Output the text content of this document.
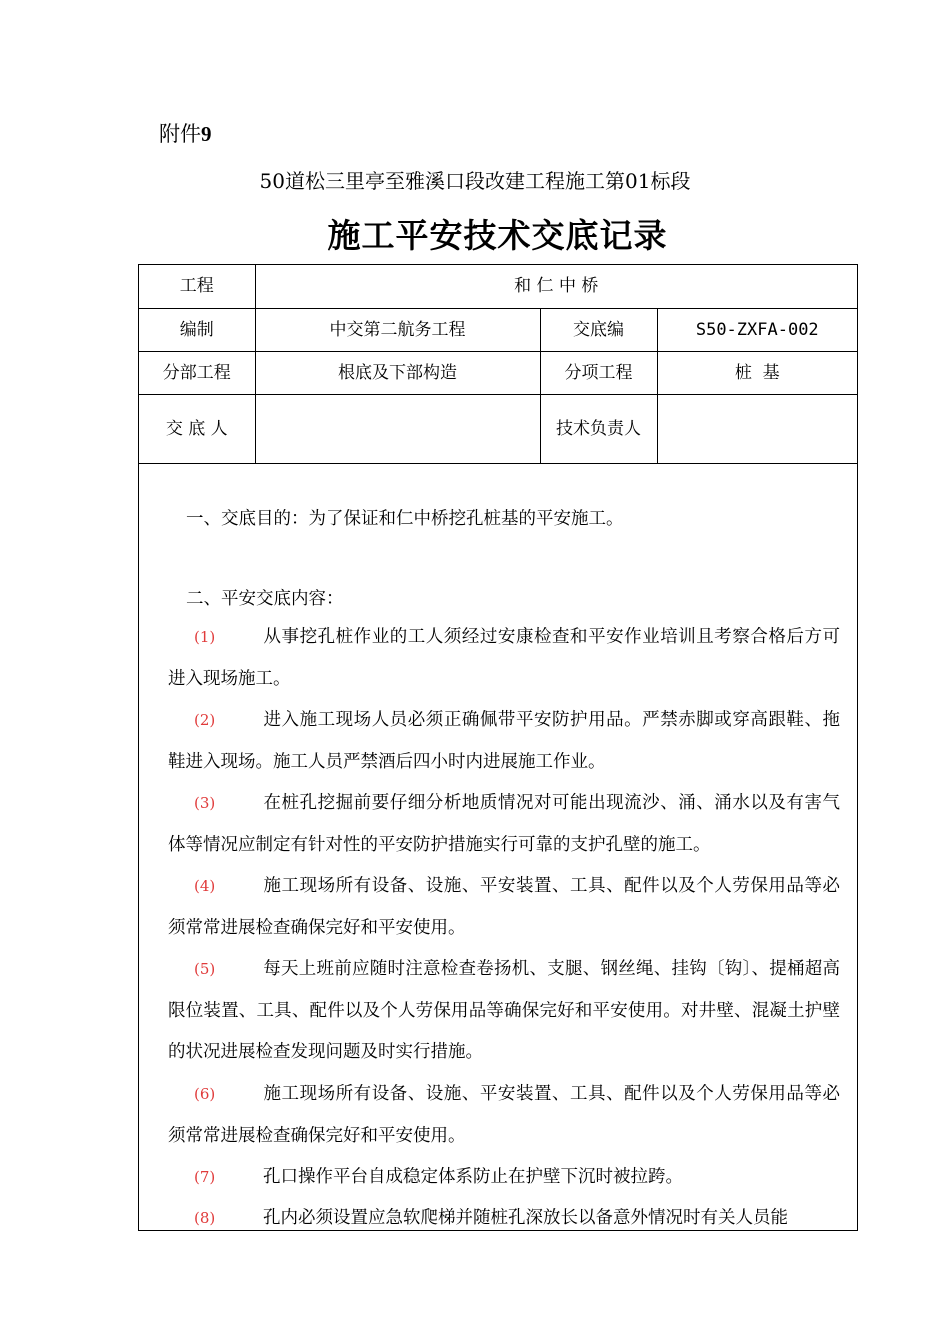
附件9
50道松三里亭至雅溪口段改建工程施工第01标段
施工平安技术交底记录
工程	和 仁 中 桥		
编制	中交第二航务工程	交底编	S50-ZXFA-002
分部工程	根底及下部构造	分项工程	桩  基
交 底 人		技术负责人	
一、交底目的：为了保证和仁中桥挖孔桩基的平安施工。
二、平安交底内容：
(1)	从事挖孔桩作业的工人须经过安康检查和平安作业培训且考察合格后方可进入现场施工。
(2)	进入施工现场人员必须正确佩带平安防护用品。严禁赤脚或穿高跟鞋、拖鞋进入现场。施工人员严禁酒后四小时内进展施工作业。
(3)	在桩孔挖掘前要仔细分析地质情况对可能出现流沙、涌、涌水以及有害气体等情况应制定有针对性的平安防护措施实行可靠的支护孔壁的施工。
(4)	施工现场所有设备、设施、平安装置、工具、配件以及个人劳保用品等必须常常进展检查确保完好和平安使用。
(5)	每天上班前应随时注意检查卷扬机、支腿、钢丝绳、挂钩〔钩〕、提桶超高限位装置、工具、配件以及个人劳保用品等确保完好和平安使用。对井壁、混凝土护壁的状况进展检查发现问题及时实行措施。
(6)	施工现场所有设备、设施、平安装置、工具、配件以及个人劳保用品等必须常常进展检查确保完好和平安使用。
(7)	孔口操作平台自成稳定体系防止在护壁下沉时被拉跨。
(8)	孔内必须设置应急软爬梯并随桩孔深放长以备意外情况时有关人员能
